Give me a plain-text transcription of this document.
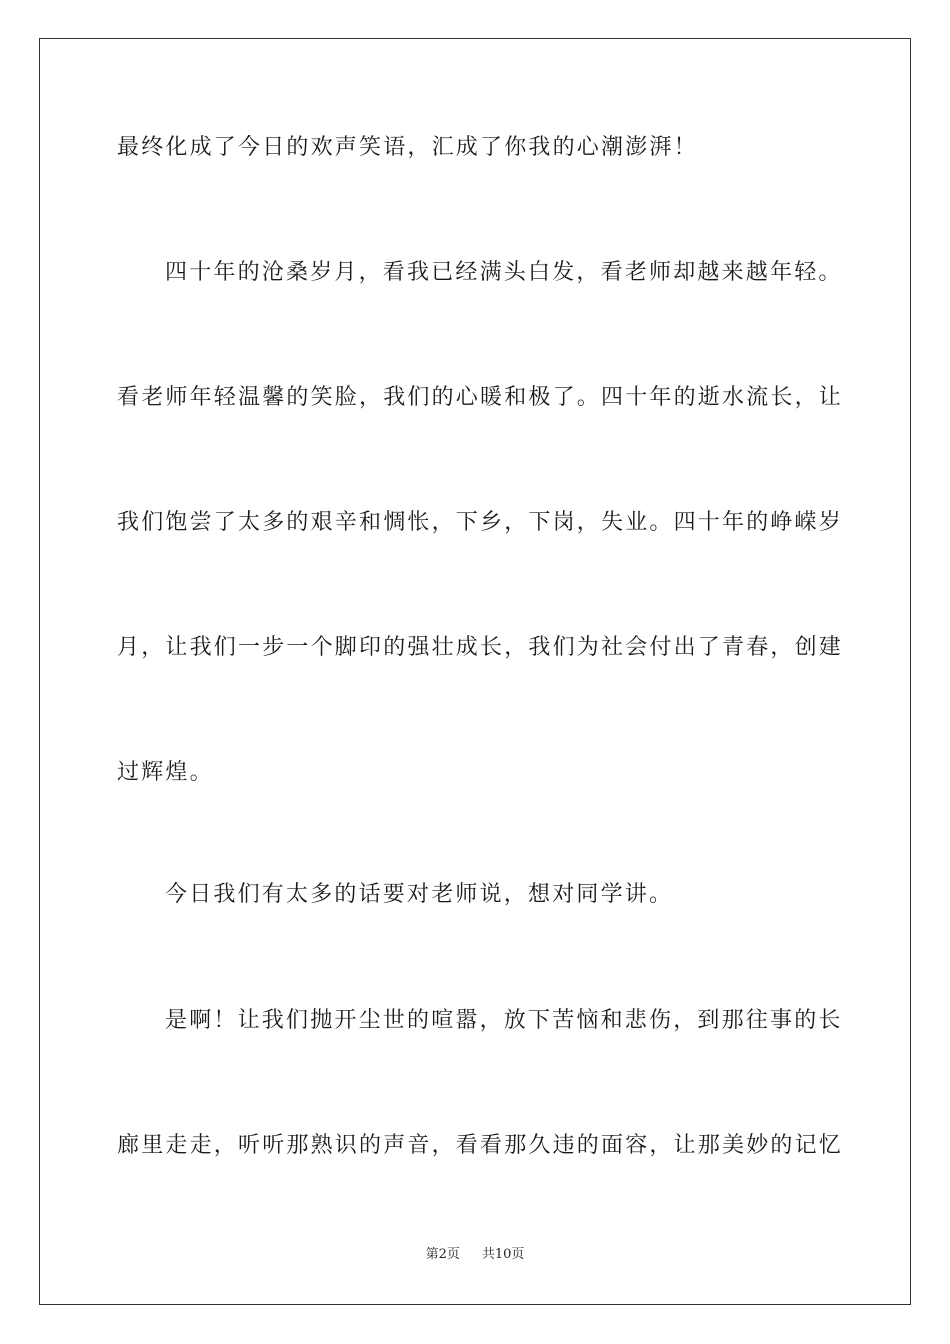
最终化成了今日的欢声笑语，汇成了你我的心潮澎湃！
四十年的沧桑岁月，看我已经满头白发，看老师却越来越年轻。
看老师年轻温馨的笑脸，我们的心暖和极了。四十年的逝水流长，让
我们饱尝了太多的艰辛和惆怅，下乡，下岗，失业。四十年的峥嵘岁
月，让我们一步一个脚印的强壮成长，我们为社会付出了青春，创建
过辉煌。
今日我们有太多的话要对老师说，想对同学讲。
是啊！让我们抛开尘世的喧嚣，放下苦恼和悲伤，到那往事的长
廊里走走，听听那熟识的声音，看看那久违的面容，让那美妙的记忆
第2页 共10页
